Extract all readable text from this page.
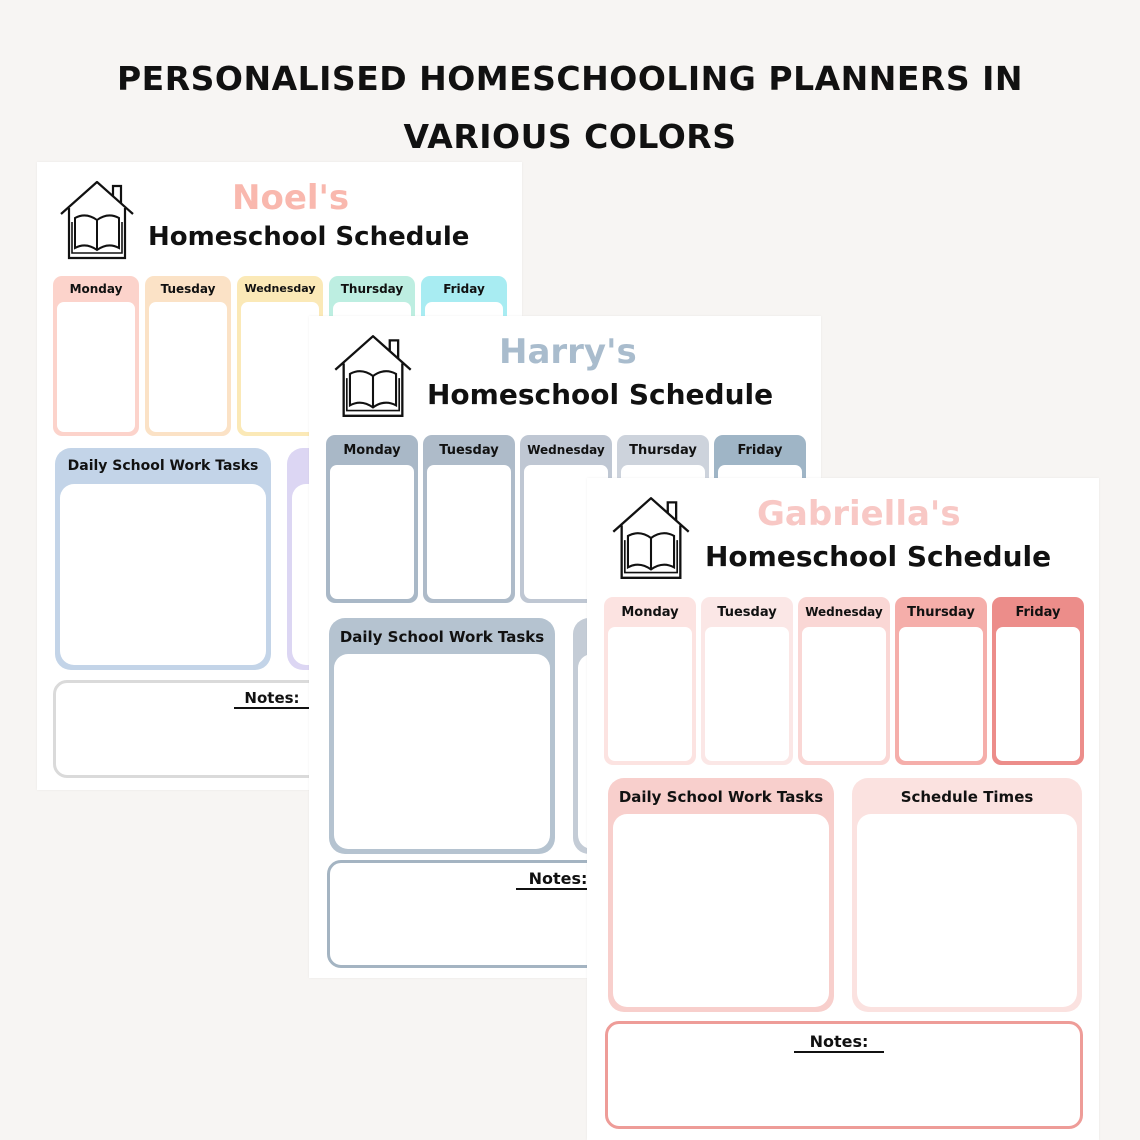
PERSONALISED HOMESCHOOLING PLANNERS IN
VARIOUS COLORS
Noel's
Homeschool Schedule
Monday	Tuesday	Wednesday	Thursday	Friday
Daily School Work Tasks
Notes:
Harry's
Homeschool Schedule
Monday	Tuesday	Wednesday	Thursday	Friday
Daily School Work Tasks
Notes:
Gabriella's
Homeschool Schedule
Monday	Tuesday	Wednesday	Thursday	Friday
Daily School Work Tasks	Schedule Times
Notes:
